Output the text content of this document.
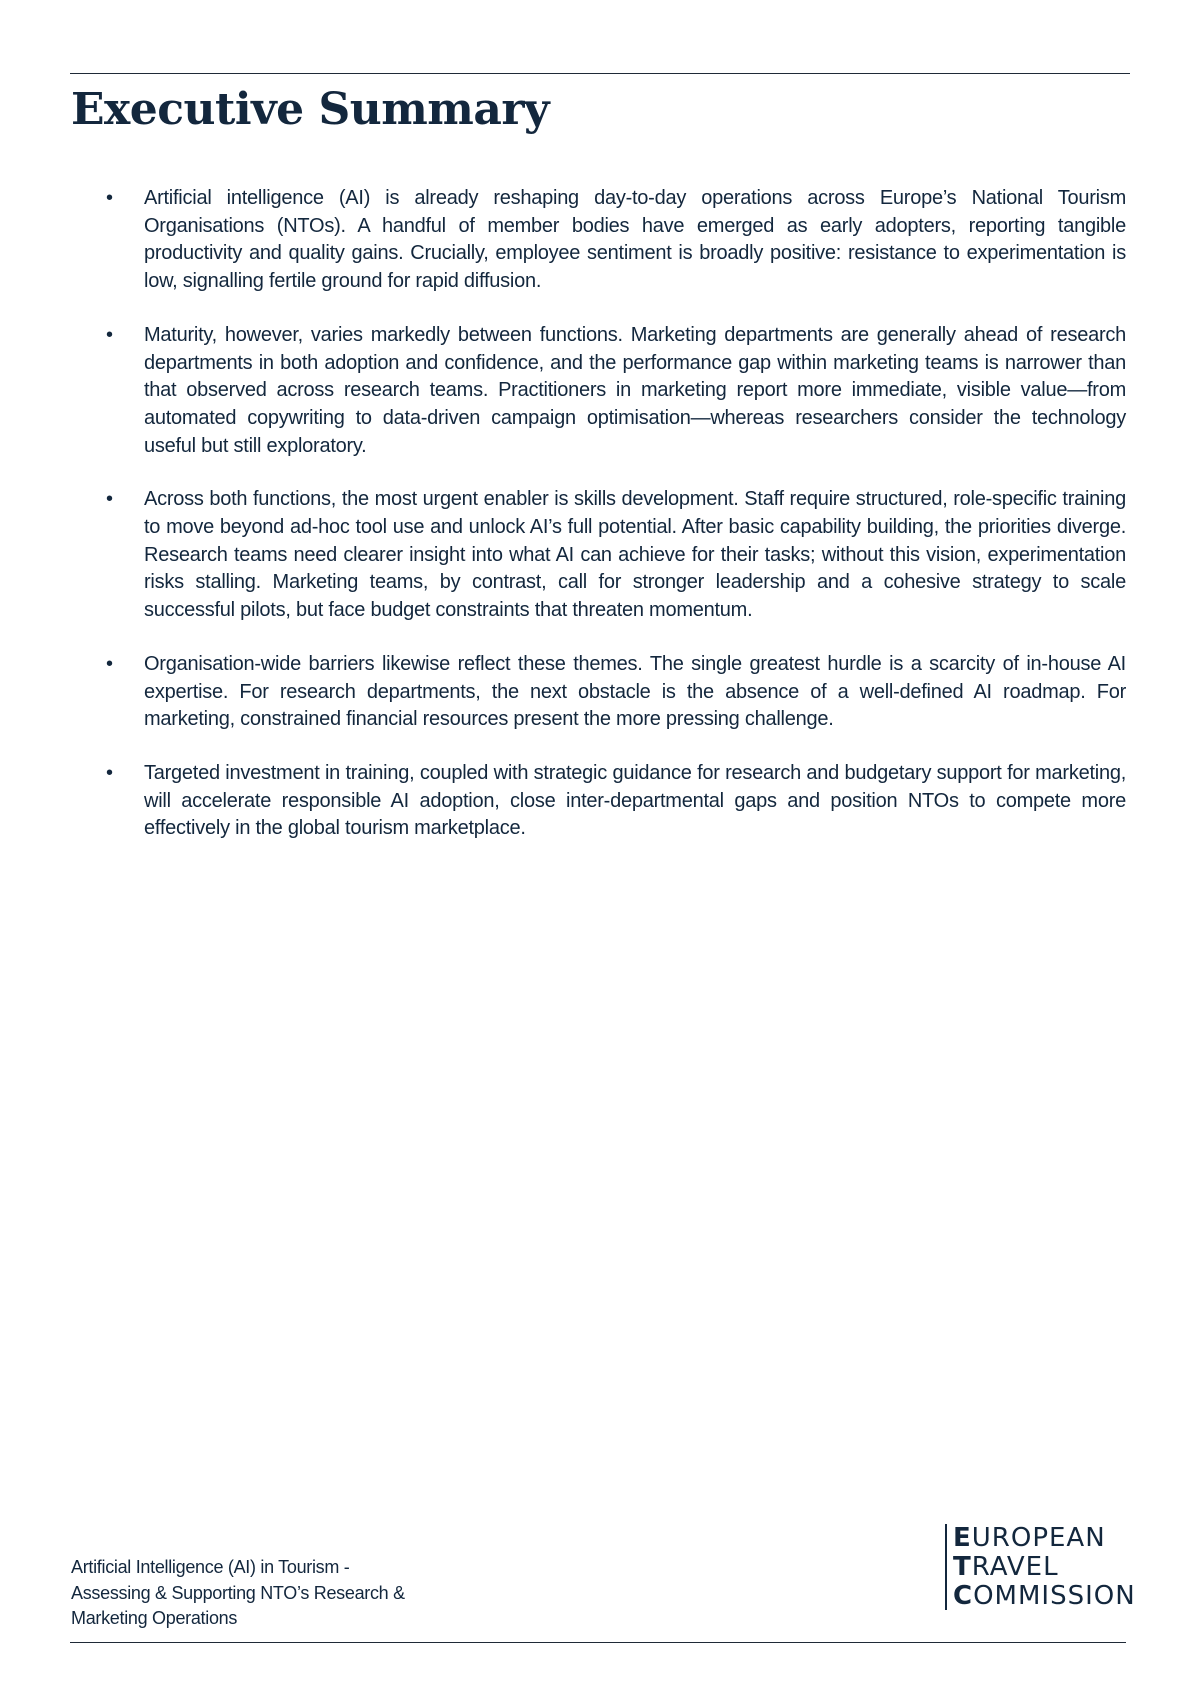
Executive Summary
•	Artificial intelligence (AI) is already reshaping day-to-day operations across Europe’s National Tourism Organisations (NTOs). A handful of member bodies have emerged as early adopters, reporting tangible productivity and quality gains. Crucially, employee sentiment is broadly positive: resistance to experimentation is low, signalling fertile ground for rapid diffusion.
•	Maturity, however, varies markedly between functions. Marketing departments are generally ahead of research departments in both adoption and confidence, and the performance gap within marketing teams is narrower than that observed across research teams. Practitioners in marketing report more immediate, visible value—from automated copywriting to data-driven campaign optimisation—whereas researchers consider the technology useful but still exploratory.
•	Across both functions, the most urgent enabler is skills development. Staff require structured, role-specific training to move beyond ad-hoc tool use and unlock AI’s full potential. After basic capability building, the priorities diverge. Research teams need clearer insight into what AI can achieve for their tasks; without this vision, experimentation risks stalling. Marketing teams, by contrast, call for stronger leadership and a cohesive strategy to scale successful pilots, but face budget constraints that threaten momentum.
•	Organisation-wide barriers likewise reflect these themes. The single greatest hurdle is a scarcity of in-house AI expertise. For research departments, the next obstacle is the absence of a well-defined AI roadmap. For marketing, constrained financial resources present the more pressing challenge.
•	Targeted investment in training, coupled with strategic guidance for research and budgetary support for marketing, will accelerate responsible AI adoption, close inter-departmental gaps and position NTOs to compete more effectively in the global tourism marketplace.
Artificial Intelligence (AI) in Tourism -
Assessing & Supporting NTO’s Research &
Marketing Operations
EUROPEAN
TRAVEL
COMMISSION
